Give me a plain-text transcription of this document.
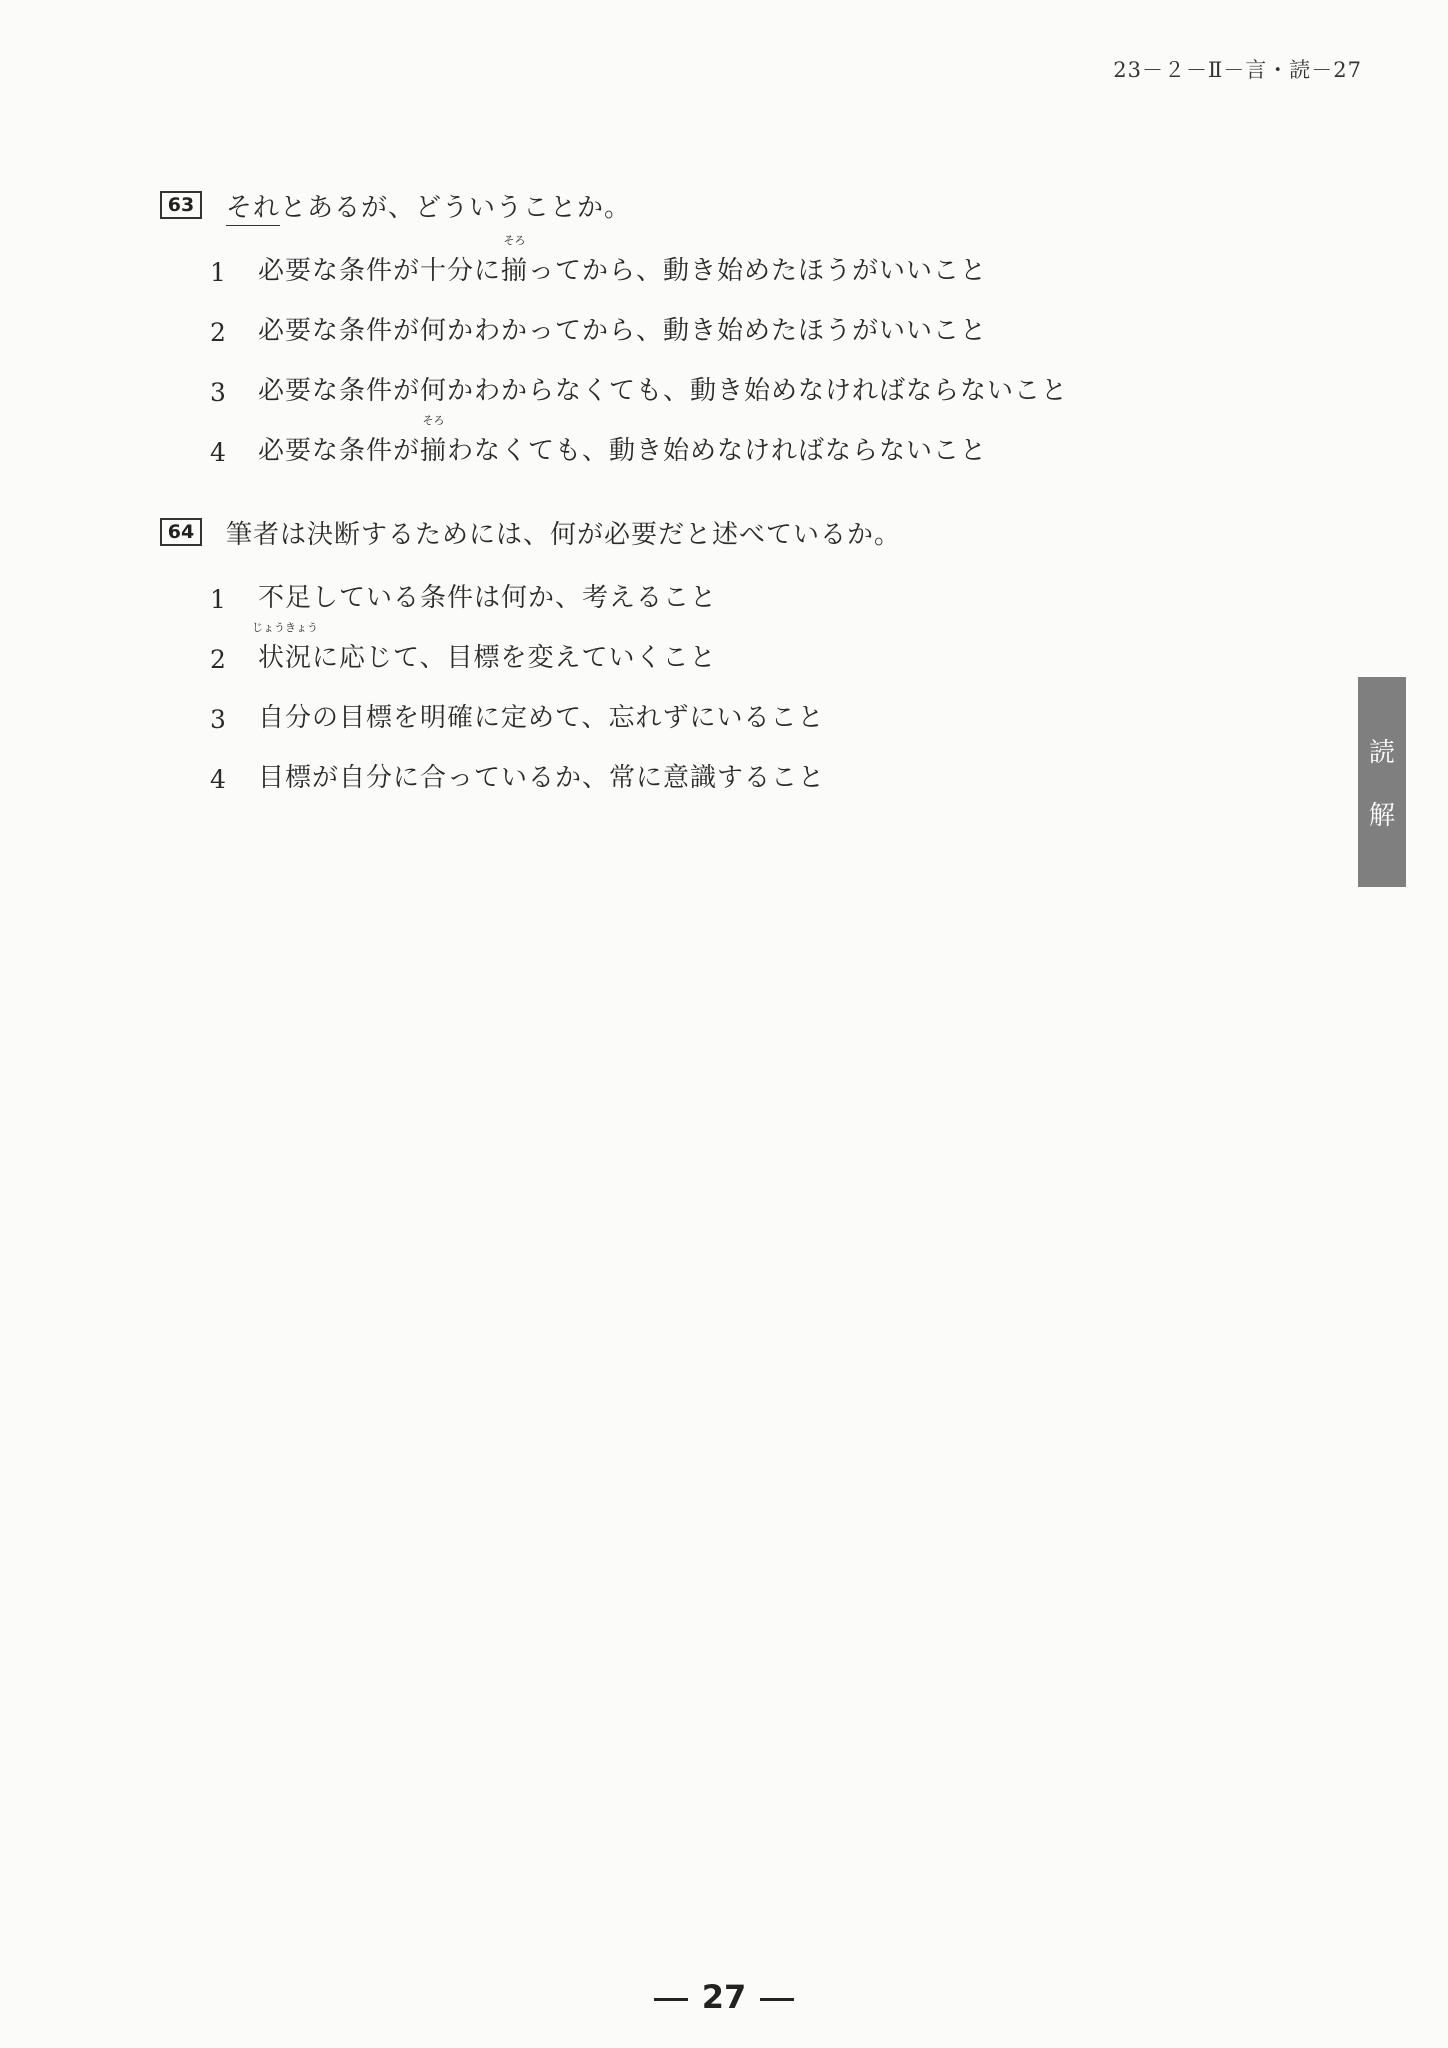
23－２－Ⅱ－言・読－27
63 それとあるが、どういうことか。
1	必要な条件が十分に
そろ
揃ってから、動き始めたほうがいいこと
2	必要な条件が何かわかってから、動き始めたほうがいいこと
3	必要な条件が何かわからなくても、動き始めなければならないこと
4	必要な条件が
そろ
揃わなくても、動き始めなければならないこと
64 筆者は決断するためには、何が必要だと述べているか。
1	不足している条件は何か、考えること
2
じょうきょう
状況に応じて、目標を変えていくこと
3	自分の目標を明確に定めて、忘れずにいること
4	目標が自分に合っているか、常に意識すること
読
解
27
